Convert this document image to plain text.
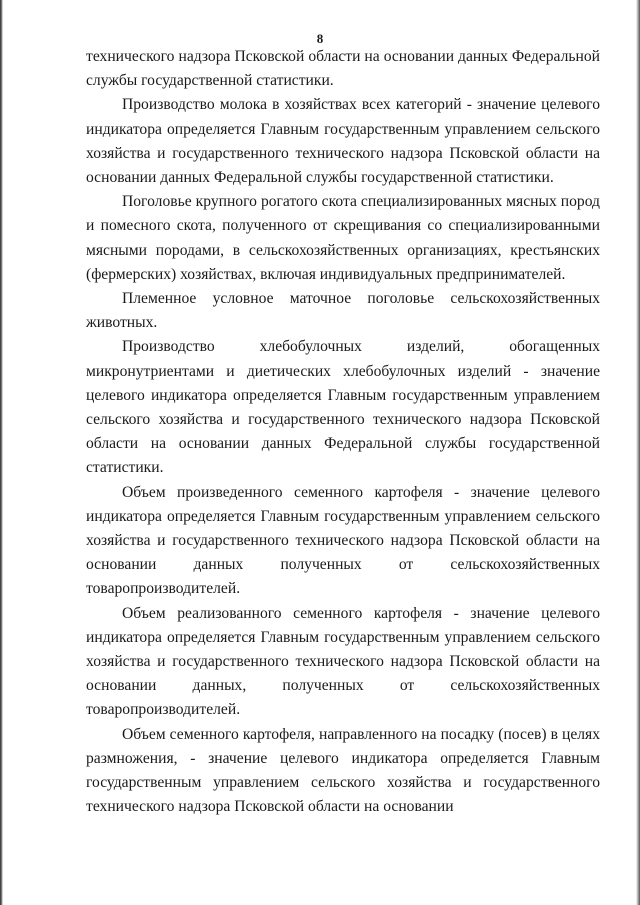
8

технического надзора Псковской области на основании данных Федеральной службы государственной статистики.

Производство молока в хозяйствах всех категорий - значение целевого индикатора определяется Главным государственным управлением сельского хозяйства и государственного технического надзора Псковской области на основании данных Федеральной службы государственной статистики.

Поголовье крупного рогатого скота специализированных мясных пород и помесного скота, полученного от скрещивания со специализированными мясными породами, в сельскохозяйственных организациях, крестьянских (фермерских) хозяйствах, включая индивидуальных предпринимателей.

Племенное условное маточное поголовье сельскохозяйственных животных.

Производство хлебобулочных изделий, обогащенных микронутриентами и диетических хлебобулочных изделий - значение целевого индикатора определяется Главным государственным управлением сельского хозяйства и государственного технического надзора Псковской области на основании данных Федеральной службы государственной статистики.

Объем произведенного семенного картофеля - значение целевого индикатора определяется Главным государственным управлением сельского хозяйства и государственного технического надзора Псковской области на основании данных полученных от сельскохозяйственных товаропроизводителей.

Объем реализованного семенного картофеля - значение целевого индикатора определяется Главным государственным управлением сельского хозяйства и государственного технического надзора Псковской области на основании данных, полученных от сельскохозяйственных товаропроизводителей.

Объем семенного картофеля, направленного на посадку (посев) в целях размножения, - значение целевого индикатора определяется Главным государственным управлением сельского хозяйства и государственного технического надзора Псковской области на основании
